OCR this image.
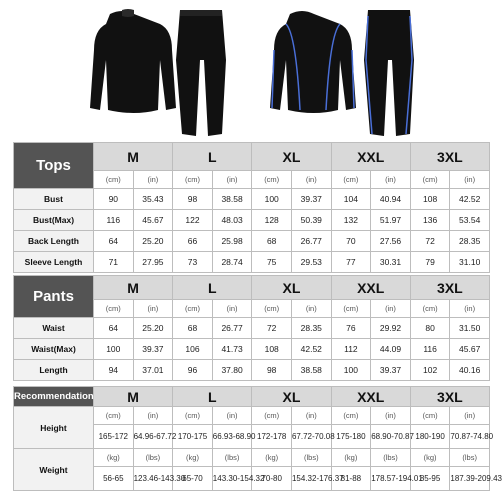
Tops	M		L		XL		XXL		3XL	
	(cm)	(in)	(cm)	(in)	(cm)	(in)	(cm)	(in)	(cm)	(in)
Bust	90	35.43	98	38.58	100	39.37	104	40.94	108	42.52
Bust(Max)	116	45.67	122	48.03	128	50.39	132	51.97	136	53.54
Back Length	64	25.20	66	25.98	68	26.77	70	27.56	72	28.35
Sleeve Length	71	27.95	73	28.74	75	29.53	77	30.31	79	31.10
Pants	M		L		XL		XXL		3XL	
	(cm)	(in)	(cm)	(in)	(cm)	(in)	(cm)	(in)	(cm)	(in)
Waist	64	25.20	68	26.77	72	28.35	76	29.92	80	31.50
Waist(Max)	100	39.37	106	41.73	108	42.52	112	44.09	116	45.67
Length	94	37.01	96	37.80	98	38.58	100	39.37	102	40.16
Recommendation	M		L		XL		XXL		3XL	
Height	(cm)	(in)	(cm)	(in)	(cm)	(in)	(cm)	(in)	(cm)	(in)
	165-172	64.96-67.72	170-175	66.93-68.90	172-178	67.72-70.08	175-180	68.90-70.87	180-190	70.87-74.80
Weight	(kg)	(lbs)	(kg)	(lbs)	(kg)	(lbs)	(kg)	(lbs)	(kg)	(lbs)
	56-65	123.46-143.30	65-70	143.30-154.32	70-80	154.32-176.37	81-88	178.57-194.01	85-95	187.39-209.43
